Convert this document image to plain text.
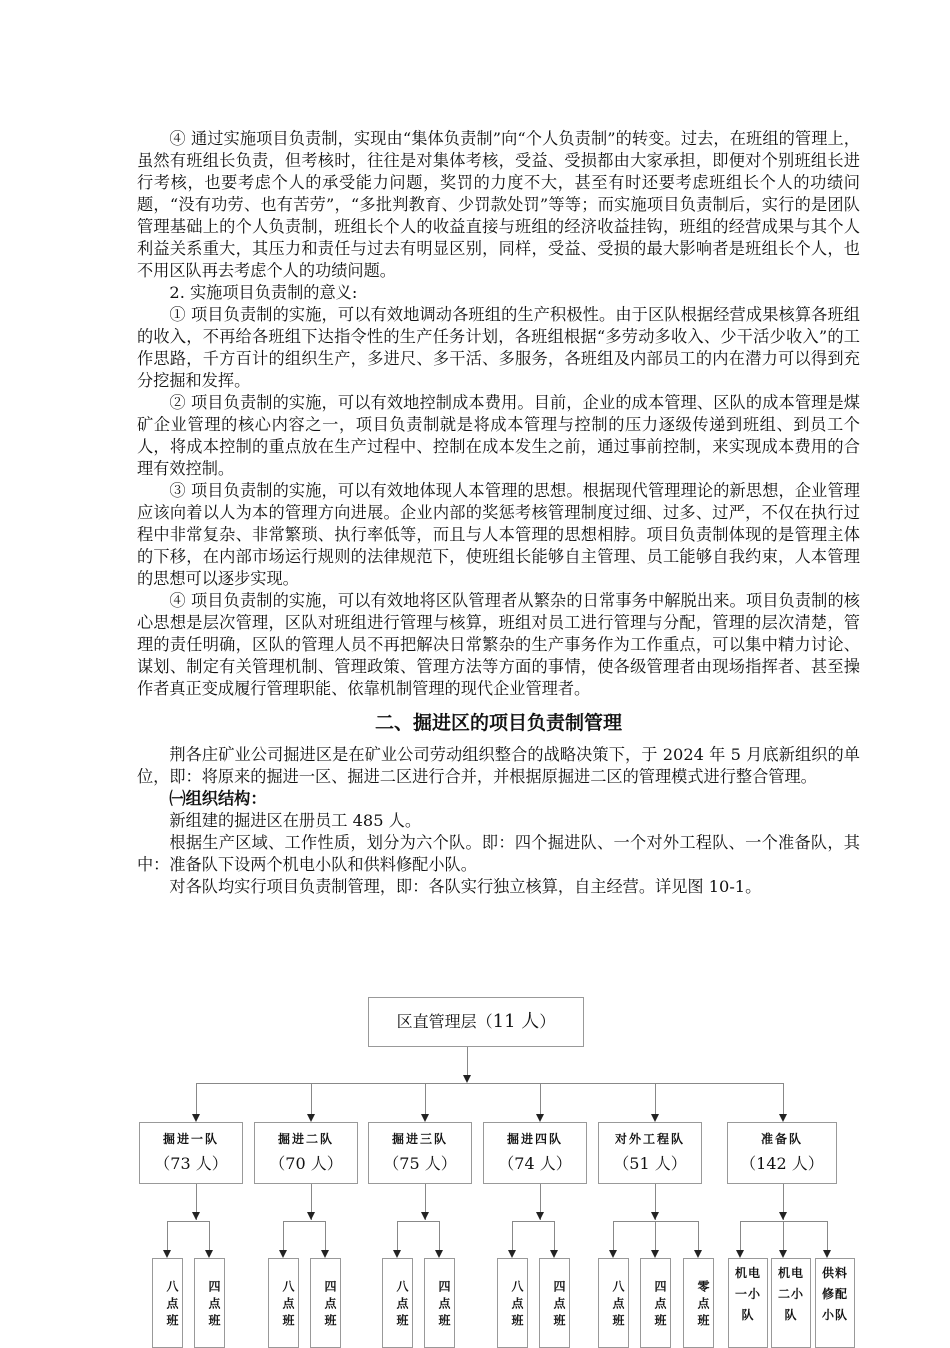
④ 通过实施项目负责制，实现由“集体负责制”向“个人负责制”的转变。过去，在班组的管理上，虽然有班组长负责，但考核时，往往是对集体考核，受益、受损都由大家承担，即便对个别班组长进行考核，也要考虑个人的承受能力问题，奖罚的力度不大，甚至有时还要考虑班组长个人的功绩问题，“没有功劳、也有苦劳”，“多批判教育、少罚款处罚”等等；而实施项目负责制后，实行的是团队管理基础上的个人负责制，班组长个人的收益直接与班组的经济收益挂钩，班组的经营成果与其个人利益关系重大，其压力和责任与过去有明显区别，同样，受益、受损的最大影响者是班组长个人，也不用区队再去考虑个人的功绩问题。

2. 实施项目负责制的意义:

① 项目负责制的实施，可以有效地调动各班组的生产积极性。由于区队根据经营成果核算各班组的收入，不再给各班组下达指令性的生产任务计划，各班组根据“多劳动多收入、少干活少收入”的工作思路，千方百计的组织生产，多进尺、多干活、多服务，各班组及内部员工的内在潜力可以得到充分挖掘和发挥。

② 项目负责制的实施，可以有效地控制成本费用。目前，企业的成本管理、区队的成本管理是煤矿企业管理的核心内容之一，项目负责制就是将成本管理与控制的压力逐级传递到班组、到员工个人，将成本控制的重点放在生产过程中、控制在成本发生之前，通过事前控制，来实现成本费用的合理有效控制。

③ 项目负责制的实施，可以有效地体现人本管理的思想。根据现代管理理论的新思想，企业管理应该向着以人为本的管理方向进展。企业内部的奖惩考核管理制度过细、过多、过严，不仅在执行过程中非常复杂、非常繁琐、执行率低等，而且与人本管理的思想相脖。项目负责制体现的是管理主体的下移，在内部市场运行规则的法律规范下，使班组长能够自主管理、员工能够自我约束，人本管理的思想可以逐步实现。

④ 项目负责制的实施，可以有效地将区队管理者从繁杂的日常事务中解脱出来。项目负责制的核心思想是层次管理，区队对班组进行管理与核算，班组对员工进行管理与分配，管理的层次清楚，管理的责任明确，区队的管理人员不再把解决日常繁杂的生产事务作为工作重点，可以集中精力讨论、谋划、制定有关管理机制、管理政策、管理方法等方面的事情，使各级管理者由现场指挥者、甚至操作者真正变成履行管理职能、依靠机制管理的现代企业管理者。

二、掘进区的项目负责制管理

荆各庄矿业公司掘进区是在矿业公司劳动组织整合的战略决策下，于 2024 年 5 月底新组织的单位，即：将原来的掘进一区、掘进二区进行合并，并根据原掘进二区的管理模式进行整合管理。

㈠组织结构：

新组建的掘进区在册员工 485 人。

根据生产区域、工作性质，划分为六个队。即：四个掘进队、一个对外工程队、一个准备队，其中：准备队下设两个机电小队和供料修配小队。

对各队均实行项目负责制管理，即：各队实行独立核算，自主经营。详见图 10-1。

区直管理层（11 人）
掘进一队
（73 人）
掘进二队
（70 人）
掘进三队
（75 人）
掘进四队
（74 人）
对外工程队
（51 人）
准备队
（142 人）
八点班	四点班	八点班	四点班	八点班	四点班	八点班	四点班	八点班	四点班	零点班
机电一小队
机电二小队
供料修配小队
